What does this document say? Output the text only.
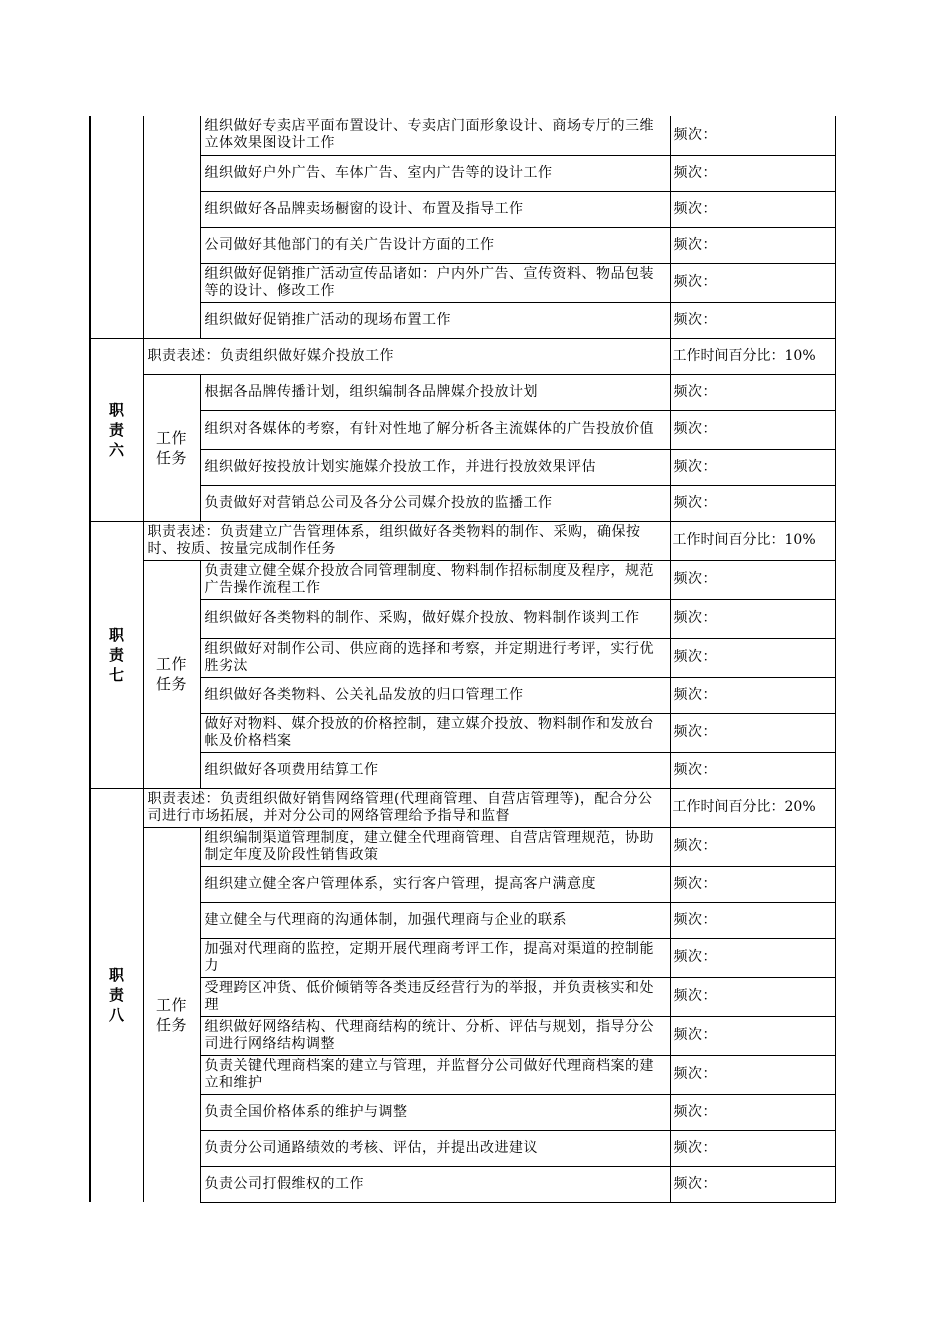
		组织做好专卖店平面布置设计、专卖店门面形象设计、商场专厅的三维立体效果图设计工作	频次：
		组织做好户外广告、车体广告、室内广告等的设计工作	频次：
		组织做好各品牌卖场橱窗的设计、布置及指导工作	频次：
		公司做好其他部门的有关广告设计方面的工作	频次：
		组织做好促销推广活动宣传品诸如：户内外广告、宣传资料、物品包装等的设计、修改工作	频次：
		组织做好促销推广活动的现场布置工作	频次：
职责六	职责表述：负责组织做好媒介投放工作		工作时间百分比：10%
	工作任务	根据各品牌传播计划，组织编制各品牌媒介投放计划	频次：
		组织对各媒体的考察，有针对性地了解分析各主流媒体的广告投放价值	频次：
		组织做好按投放计划实施媒介投放工作，并进行投放效果评估	频次：
		负责做好对营销总公司及各分公司媒介投放的监播工作	频次：
职责七	职责表述：负责建立广告管理体系，组织做好各类物料的制作、采购，确保按时、按质、按量完成制作任务		工作时间百分比：10%
	工作任务	负责建立健全媒介投放合同管理制度、物料制作招标制度及程序，规范广告操作流程工作	频次：
		组织做好各类物料的制作、采购，做好媒介投放、物料制作谈判工作	频次：
		组织做好对制作公司、供应商的选择和考察，并定期进行考评，实行优胜劣汰	频次：
		组织做好各类物料、公关礼品发放的归口管理工作	频次：
		做好对物料、媒介投放的价格控制，建立媒介投放、物料制作和发放台帐及价格档案	频次：
		组织做好各项费用结算工作	频次：
职责八	职责表述：负责组织做好销售网络管理(代理商管理、自营店管理等)，配合分公司进行市场拓展，并对分公司的网络管理给予指导和监督		工作时间百分比：20%
	工作任务	组织编制渠道管理制度，建立健全代理商管理、自营店管理规范，协助制定年度及阶段性销售政策	频次：
		组织建立健全客户管理体系，实行客户管理，提高客户满意度	频次：
		建立健全与代理商的沟通体制，加强代理商与企业的联系	频次：
		加强对代理商的监控，定期开展代理商考评工作，提高对渠道的控制能力	频次：
		受理跨区冲货、低价倾销等各类违反经营行为的举报，并负责核实和处理	频次：
		组织做好网络结构、代理商结构的统计、分析、评估与规划，指导分公司进行网络结构调整	频次：
		负责关键代理商档案的建立与管理，并监督分公司做好代理商档案的建立和维护	频次：
		负责全国价格体系的维护与调整	频次：
		负责分公司通路绩效的考核、评估，并提出改进建议	频次：
		负责公司打假维权的工作	频次：
